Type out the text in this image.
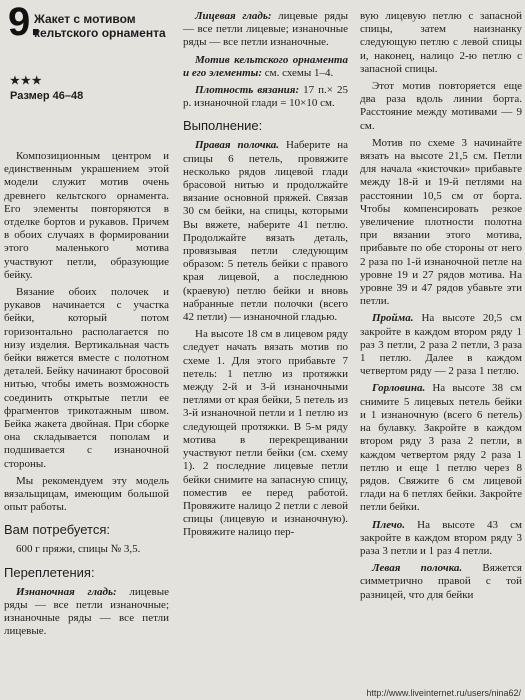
9.
Жакет с мотивом кельтского орнамента
★★★
Размер 46–48

Композиционным центром и единственным украшением этой модели служит мотив очень древнего кельтского орнамента. Его элементы повторяются в отделке бортов и рукавов. Причем в обоих случаях в формировании этого маленького мотива участвуют петли, образующие бейку.

Вязание обоих полочек и рукавов начинается с участка бейки, который потом горизонтально располагается по низу изделия. Вертикальная часть бейки вяжется вместе с полотном деталей. Бейку начинают бросовой нитью, чтобы иметь возможность соединить открытые петли ее фрагментов трикотажным швом. Бейка жакета двойная. При сборке она складывается пополам и подшивается с изнаночной стороны.

Мы рекомендуем эту модель вязальщицам, имеющим большой опыт работы.

Вам потребуется:

600 г пряжи, спицы № 3,5.

Переплетения:

Изнаночная гладь: лицевые ряды — все петли изнаночные; изнаночные ряды — все петли лицевые.

Лицевая гладь: лицевые ряды — все петли лицевые; изнаночные ряды — все петли изнаночные.

Мотив кельтского орнамента и его элементы: см. схемы 1–4.

Плотность вязания: 17 п.× 25 р. изнаночной глади = 10×10 см.

Выполнение:

Правая полочка. Наберите на спицы 6 петель, провяжите несколько рядов лицевой глади брасовой нитью и продолжайте вязание основной пряжей. Связав 30 см бейки, на спицы, которыми Вы вяжете, наберите 41 петлю. Продолжайте вязать деталь, провязывая петли следующим образом: 5 петель бейки с правого края лицевой, а последнюю (краевую) петлю бейки и вновь набранные петли полочки (всего 42 петли) — изнаночной гладью.

На высоте 18 см в лицевом ряду следует начать вязать мотив по схеме 1. Для этого прибавьте 7 петель: 1 петлю из протяжки между 2-й и 3-й изнаночными петлями от края бейки, 5 петель из 3-й изнаночной петли и 1 петлю из следующей протяжки. В 5-м ряду мотива в перекрещивании участвуют петли бейки (см. схему 1). 2 последние лицевые петли бейки снимите на запасную спицу, поместив ее перед работой. Провяжите налицо 2 петли с левой спицы (лицевую и изнаночную). Провяжите налицо пер-

вую лицевую петлю с запасной спицы, затем наизнанку следующую петлю с левой спицы и, наконец, налицо 2-ю петлю с запасной спицы.

Этот мотив повторяется еще два раза вдоль линии борта. Расстояние между мотивами — 9 см.

Мотив по схеме 3 начинайте вязать на высоте 21,5 см. Петли для начала «кисточки» прибавьте между 18-й и 19-й петлями на расстоянии 10,5 см от борта. Чтобы компенсировать резкое увеличение плотности полотна при вязании этого мотива, прибавьте по обе стороны от него 2 раза по 1-й изнаночной петле на уровне 19 и 27 рядов мотива. На уровне 39 и 47 рядов убавьте эти петли.

Пройма. На высоте 20,5 см закройте в каждом втором ряду 1 раз 3 петли, 2 раза 2 петли, 3 раза 1 петлю. Далее в каждом четвертом ряду — 2 раза 1 петлю.

Горловина. На высоте 38 см снимите 5 лицевых петель бейки и 1 изнаночную (всего 6 петель) на булавку. Закройте в каждом втором ряду 3 раза 2 петли, в каждом четвертом ряду 2 раза 1 петлю и еще 1 петлю через 8 рядов. Свяжите 6 см лицевой глади на 6 петлях бейки. Закройте петли бейки.

Плечо. На высоте 43 см закройте в каждом втором ряду 3 раза 3 петли и 1 раз 4 петли.

Левая полочка. Вяжется симметрично правой с той разницей, что для бейки

http://www.liveinternet.ru/users/nina62/
